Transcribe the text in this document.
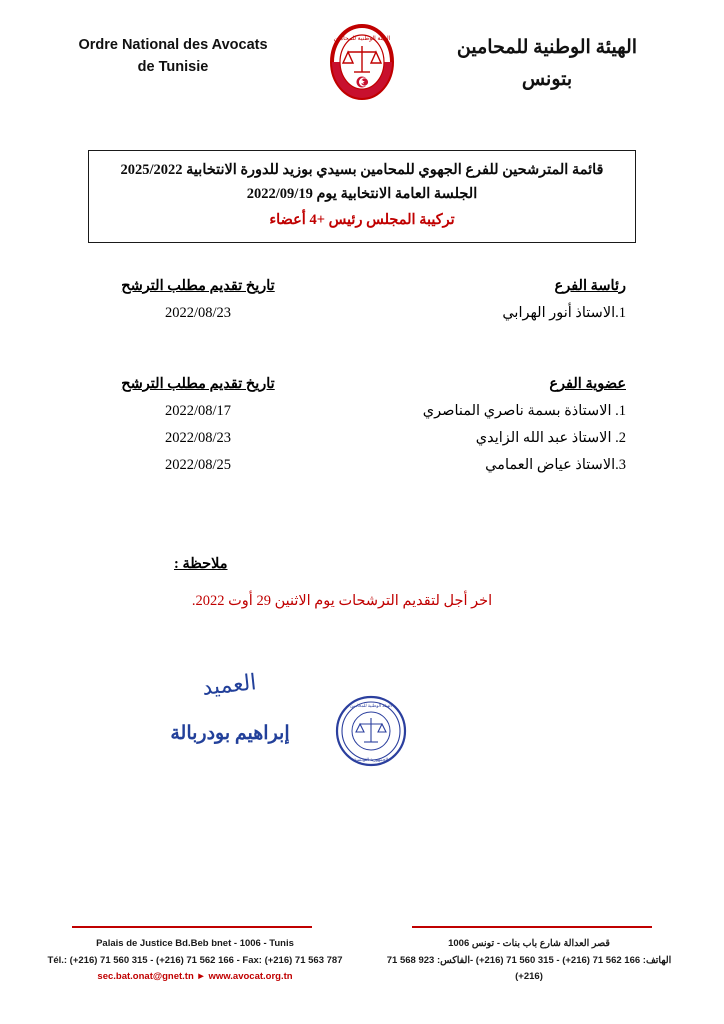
Ordre National des Avocats
de Tunisie
الهيئة الوطنية للمحامين	الهيئة الوطنية للمحامين
بتونس
قائمة المترشحين للفرع الجهوي للمحامين بسيدي بوزيد للدورة الانتخابية 2025/2022
الجلسة العامة الانتخابية يوم 2022/09/19
تركيبة المجلس رئيس +4 أعضاء
رئاسة الفرع
تاريخ تقديم مطلب الترشح
1.الاستاذ أنور الهرابي
2022/08/23
عضوية الفرع
تاريخ تقديم مطلب الترشح
1. الاستاذة بسمة ناصري المناصري
2022/08/17
2. الاستاذ عبد الله الزايدي
2022/08/23
3.الاستاذ عياض العمامي
2022/08/25
ملاحظة :
اخر أجل لتقديم الترشحات يوم الاثنين 29 أوت 2022.
العميد
إبراهيم بودربالة
الهيئة الوطنية للمحامين
الجمهورية التونسية
Palais de Justice Bd.Beb bnet - 1006 - Tunis
Tél.: (+216) 71 560 315 - (+216) 71 562 166 - Fax: (+216) 71 563 787
sec.bat.onat@gnet.tn ► www.avocat.org.tn
قصر العدالة شارع باب بنات - تونس 1006
الهاتف: 166 562 71 (216+) - 315 560 71 (216+) -الفاكس: 923 568 71 (216+)
